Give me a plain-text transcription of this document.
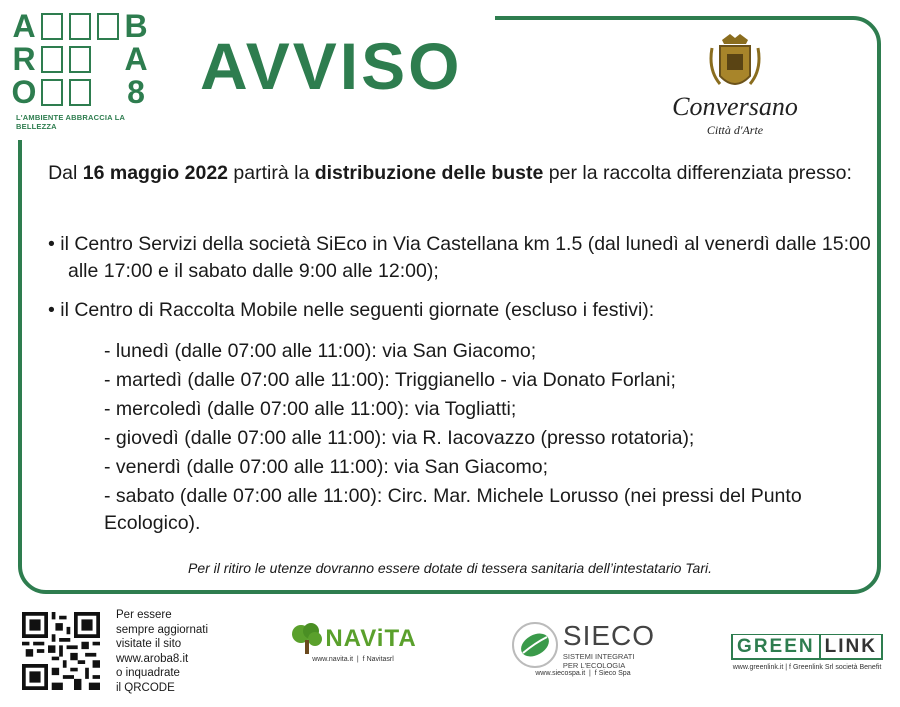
A	B
R	A
O	8
L'AMBIENTE ABBRACCIA LA BELLEZZA
AVVISO
Conversano
Città d'Arte
Dal 16 maggio 2022 partirà la distribuzione delle buste per la raccolta differenziata presso:
• il Centro Servizi della società SiEco in Via Castellana km 1.5 (dal lunedì al venerdì dalle 15:00 alle 17:00 e il sabato dalle 9:00 alle 12:00);
• il Centro di Raccolta Mobile nelle seguenti giornate (escluso i festivi):
- lunedì (dalle 07:00 alle 11:00): via San Giacomo;
- martedì (dalle 07:00 alle 11:00): Triggianello - via Donato Forlani;
- mercoledì (dalle 07:00 alle 11:00): via Togliatti;
- giovedì (dalle 07:00 alle 11:00): via R. Iacovazzo (presso rotatoria);
- venerdì (dalle 07:00 alle 11:00): via San Giacomo;
- sabato (dalle 07:00 alle 11:00): Circ. Mar. Michele Lorusso (nei pressi del Punto Ecologico).
Per il ritiro le utenze dovranno essere dotate di tessera sanitaria dell’intestatario Tari.
Per essere
sempre aggiornati
visitate il sito
www.aroba8.it
o inquadrate
il QRCODE
NAViTA
www.navita.it  |  f Navitasrl
SIECO
SISTEMI INTEGRATI
PER L'ECOLOGIA
www.siecospa.it  |  f Sieco Spa
GREEN LINK
www.greenlink.it | f Greenlink Srl società Benefit
